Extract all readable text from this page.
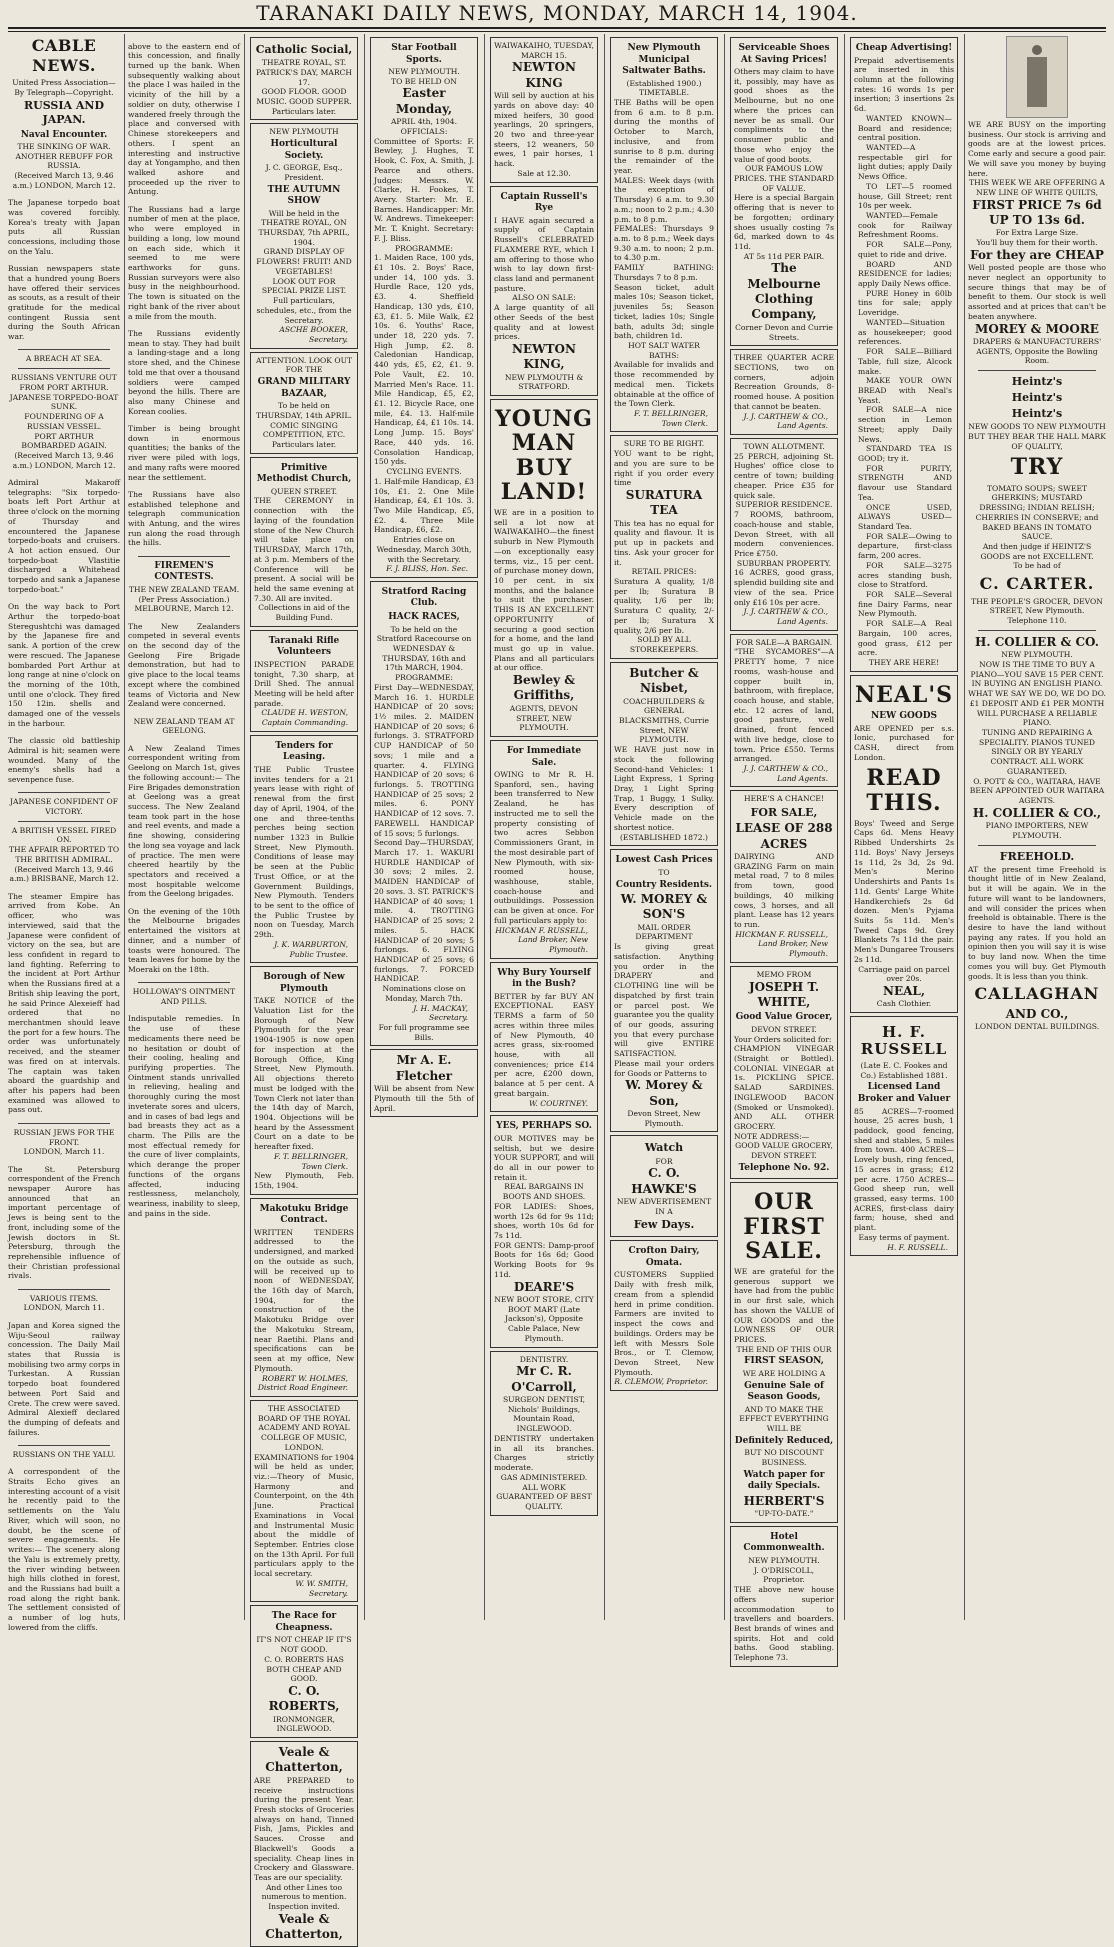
TARANAKI DAILY NEWS, MONDAY, MARCH 14, 1904.
CABLE NEWS.
United Press Association—By Telegraph—Copyright.
RUSSIA AND JAPAN.
Naval Encounter.
THE SINKING OF WAR. ANOTHER REBUFF FOR RUSSIA.
(Received March 13, 9.46 a.m.) LONDON, March 12.

The Japanese torpedo boat was covered forcibly. Korea's treaty with Japan puts all Russian concessions, including those on the Yalu.

Russian newspapers state that a hundred young Boers have offered their services as scouts, as a result of their gratitude for the medical contingent Russia sent during the South African war.

A BREACH AT SEA.
RUSSIANS VENTURE OUT FROM PORT ARTHUR.
JAPANESE TORPEDO-BOAT SUNK.
FOUNDERING OF A RUSSIAN VESSEL.
PORT ARTHUR BOMBARDED AGAIN.
(Received March 13, 9.46 a.m.) LONDON, March 12.

Admiral Makaroff telegraphs: "Six torpedo-boats left Port Arthur at three o'clock on the morning of Thursday and encountered the Japanese torpedo-boats and cruisers. A hot action ensued. Our torpedo-boat Vlastitie discharged a Whitehead torpedo and sank a Japanese torpedo-boat."

On the way back to Port Arthur the torpedo-boat Steregushtchi was damaged by the Japanese fire and sank. A portion of the crew were rescued. The Japanese bombarded Port Arthur at long range at nine o'clock on the morning of the 10th, until one o'clock. They fired 150 12in. shells and damaged one of the vessels in the harbour.

The classic old battleship Admiral is hit; seamen were wounded. Many of the enemy's shells had a sevenpence fuse.

JAPANESE CONFIDENT OF VICTORY.
A BRITISH VESSEL FIRED ON.
THE AFFAIR REPORTED TO THE BRITISH ADMIRAL.
(Received March 13, 9.46 a.m.) BRISBANE, March 12.

The steamer Empire has arrived from Kobe. An officer, who was interviewed, said that the Japanese were confident of victory on the sea, but are less confident in regard to land fighting. Referring to the incident at Port Arthur when the Russians fired at a British ship leaving the port, he said Prince Alexeieff had ordered that no merchantmen should leave the port for a few hours. The order was unfortunately received, and the steamer was fired on at intervals. The captain was taken aboard the guardship and after his papers had been examined was allowed to pass out.

RUSSIAN JEWS FOR THE FRONT.
LONDON, March 11.

The St. Petersburg correspondent of the French newspaper Aurore has announced that an important percentage of Jews is being sent to the front, including some of the Jewish doctors in St. Petersburg, through the reprehensible influence of their Christian professional rivals.

VARIOUS ITEMS.
LONDON, March 11.

Japan and Korea signed the Wiju-Seoul railway concession. The Daily Mail states that Russia is mobilising two army corps in Turkestan. A Russian torpedo boat foundered between Port Said and Crete. The crew were saved. Admiral Alexieff declared the dumping of defeats and failures.

RUSSIANS ON THE YALU.

A correspondent of the Straits Echo gives an interesting account of a visit he recently paid to the settlements on the Yalu River, which will soon, no doubt, be the scene of severe engagements. He writes:— The scenery along the Yalu is extremely pretty, the river winding between high hills clothed in forest, and the Russians had built a road along the right bank. The settlement consisted of a number of log huts, lowered from the cliffs.

above to the eastern end of this concession, and finally turned up the bank. When subsequently walking about the place I was hailed in the vicinity of the hill by a soldier on duty, otherwise I wandered freely through the place and conversed with Chinese storekeepers and others. I spent an interesting and instructive day at Yongampho, and then walked ashore and proceeded up the river to Antung.

The Russians had a large number of men at the place, who were employed in building a long, low mound on each side, which it seemed to me were earthworks for guns. Russian surveyors were also busy in the neighbourhood. The town is situated on the right bank of the river about a mile from the mouth.

The Russians evidently mean to stay. They had built a landing-stage and a long store shed, and the Chinese told me that over a thousand soldiers were camped beyond the hills. There are also many Chinese and Korean coolies.

Timber is being brought down in enormous quantities; the banks of the river were piled with logs, and many rafts were moored near the settlement.

The Russians have also established telephone and telegraph communication with Antung, and the wires run along the road through the hills.

FIREMEN'S CONTESTS.
THE NEW ZEALAND TEAM.
(Per Press Association.) MELBOURNE, March 12.

The New Zealanders competed in several events on the second day of the Geelong Fire Brigade demonstration, but had to give place to the local teams except where the combined teams of Victoria and New Zealand were concerned.

NEW ZEALAND TEAM AT GEELONG.

A New Zealand Times correspondent writing from Geelong on March 1st, gives the following account:— The Fire Brigades demonstration at Geelong was a great success. The New Zealand team took part in the hose and reel events, and made a fine showing, considering the long sea voyage and lack of practice. The men were cheered heartily by the spectators and received a most hospitable welcome from the Geelong brigades.

On the evening of the 10th the Melbourne brigades entertained the visitors at dinner, and a number of toasts were honoured. The team leaves for home by the Moeraki on the 18th.

HOLLOWAY'S OINTMENT AND PILLS.

Indisputable remedies. In the use of these medicaments there need be no hesitation or doubt of their cooling, healing and purifying properties. The Ointment stands unrivalled in relieving, healing and thoroughly curing the most inveterate sores and ulcers, and in cases of bad legs and bad breasts they act as a charm. The Pills are the most effectual remedy for the cure of liver complaints, which derange the proper functions of the organs affected, inducing restlessness, melancholy, weariness, inability to sleep, and pains in the side.

Catholic Social,
THEATRE ROYAL, ST. PATRICK'S DAY, MARCH 17.
GOOD FLOOR. GOOD MUSIC. GOOD SUPPER.
Particulars later.
NEW PLYMOUTH
Horticultural Society.
J. C. GEORGE, Esq., President.
THE AUTUMN SHOW
Will be held in the THEATRE ROYAL, ON THURSDAY, 7th APRIL, 1904.
GRAND DISPLAY OF FLOWERS! FRUIT! AND VEGETABLES!
LOOK OUT FOR SPECIAL PRIZE LIST.
Full particulars, schedules, etc., from the Secretary.
ASCHE BOOKER, Secretary.
ATTENTION. LOOK OUT FOR THE
GRAND MILITARY BAZAAR,
To be held on THURSDAY, 14th APRIL.
COMIC SINGING COMPETITION, ETC.
Particulars later.
Primitive Methodist Church,
QUEEN STREET.
THE CEREMONY in connection with the laying of the foundation stone of the New Church will take place on THURSDAY, March 17th, at 3 p.m. Members of the Conference will be present. A social will be held the same evening at 7.30. All are invited.
Collections in aid of the Building Fund.
Taranaki Rifle Volunteers
INSPECTION PARADE tonight, 7.30 sharp, at Drill Shed. The annual Meeting will be held after parade.
CLAUDE H. WESTON, Captain Commanding.
Tenders for Leasing.
THE Public Trustee invites tenders for a 21 years lease with right of renewal from the first day of April, 1904, of the one and three-tenths perches being section number 1323 in Bulkie Street, New Plymouth. Conditions of lease may be seen at the Public Trust Office, or at the Government Buildings, New Plymouth. Tenders to be sent to the office of the Public Trustee by noon on Tuesday, March 29th.
J. K. WARBURTON, Public Trustee.
Borough of New Plymouth
TAKE NOTICE of the Valuation List for the Borough of New Plymouth for the year 1904-1905 is now open for inspection at the Borough Office, King Street, New Plymouth. All objections thereto must be lodged with the Town Clerk not later than the 14th day of March, 1904. Objections will be heard by the Assessment Court on a date to be hereafter fixed.
F. T. BELLRINGER, Town Clerk.
New Plymouth, Feb. 15th, 1904.
Makotuku Bridge Contract.
WRITTEN TENDERS addressed to the undersigned, and marked on the outside as such, will be received up to noon of WEDNESDAY, the 16th day of March, 1904, for the construction of the Makotuku Bridge over the Makotuku Stream, near Raetihi. Plans and specifications can be seen at my office, New Plymouth.
ROBERT W. HOLMES, District Road Engineer.
THE ASSOCIATED BOARD OF THE ROYAL ACADEMY AND ROYAL COLLEGE OF MUSIC, LONDON.
EXAMINATIONS for 1904 will be held as under, viz.:—Theory of Music, Harmony and Counterpoint, on the 4th June. Practical Examinations in Vocal and Instrumental Music about the middle of September. Entries close on the 13th April. For full particulars apply to the local secretary.
W. W. SMITH, Secretary.
The Race for Cheapness.
IT'S NOT CHEAP IF IT'S NOT GOOD.
C. O. ROBERTS HAS BOTH CHEAP AND GOOD.
C. O. ROBERTS,
IRONMONGER, INGLEWOOD.
Veale & Chatterton,
ARE PREPARED to receive instructions during the present Year. Fresh stocks of Groceries always on hand, Tinned Fish, Jams, Pickles and Sauces. Crosse and Blackwell's Goods a speciality. Cheap lines in Crockery and Glassware. Teas are our speciality.
And other Lines too numerous to mention.
Inspection invited.
Veale & Chatterton,
Star Football Sports.
NEW PLYMOUTH.
TO BE HELD ON
Easter Monday,
APRIL 4th, 1904.
OFFICIALS:
Committee of Sports: F. Bewley, J. Hughes, T. Hook, C. Fox, A. Smith, J. Pearce and others. Judges: Messrs. W. Clarke, H. Fookes, T. Avery. Starter: Mr. E. Barnes. Handicapper: Mr. W. Andrews. Timekeeper: Mr. T. Knight. Secretary: F. J. Bliss.
PROGRAMME:
1. Maiden Race, 100 yds, £1 10s. 2. Boys' Race, under 14, 100 yds. 3. Hurdle Race, 120 yds, £3. 4. Sheffield Handicap, 130 yds, £10, £3, £1. 5. Mile Walk, £2 10s. 6. Youths' Race, under 18, 220 yds. 7. High Jump, £2. 8. Caledonian Handicap, 440 yds, £5, £2, £1. 9. Pole Vault, £2. 10. Married Men's Race. 11. Mile Handicap, £5, £2, £1. 12. Bicycle Race, one mile, £4. 13. Half-mile Handicap, £4, £1 10s. 14. Long Jump. 15. Boys' Race, 440 yds. 16. Consolation Handicap, 150 yds.
CYCLING EVENTS.
1. Half-mile Handicap, £3 10s, £1. 2. One Mile Handicap, £4, £1 10s. 3. Two Mile Handicap, £5, £2. 4. Three Mile Handicap, £6, £2.
Entries close on Wednesday, March 30th, with the Secretary.
F. J. BLISS, Hon. Sec.
Stratford Racing Club.
HACK RACES,
To be held on the Stratford Racecourse on
WEDNESDAY & THURSDAY, 16th and 17th MARCH, 1904.
PROGRAMME:
First Day—WEDNESDAY, March 16. 1. HURDLE HANDICAP of 20 sovs; 1½ miles. 2. MAIDEN HANDICAP of 20 sovs; 6 furlongs. 3. STRATFORD CUP HANDICAP of 50 sovs; 1 mile and a quarter. 4. FLYING HANDICAP of 20 sovs; 6 furlongs. 5. TROTTING HANDICAP of 25 sovs; 2 miles. 6. PONY HANDICAP of 12 sovs. 7. FAREWELL HANDICAP of 15 sovs; 5 furlongs.
Second Day—THURSDAY, March 17. 1. WAKURI HURDLE HANDICAP of 30 sovs; 2 miles. 2. MAIDEN HANDICAP of 20 sovs. 3. ST. PATRICK'S HANDICAP of 40 sovs; 1 mile. 4. TROTTING HANDICAP of 25 sovs; 2 miles. 5. HACK HANDICAP of 20 sovs; 5 furlongs. 6. FLYING HANDICAP of 25 sovs; 6 furlongs. 7. FORCED HANDICAP.
Nominations close on Monday, March 7th.
J. H. MACKAY, Secretary.
For full programme see Bills.
Mr A. E. Fletcher
Will be absent from New Plymouth till the 5th of April.
WAIWAKAIHO, TUESDAY, MARCH 15.
NEWTON KING
Will sell by auction at his yards on above day: 40 mixed heifers, 30 good yearlings, 20 springers, 20 two and three-year steers, 12 weaners, 50 ewes, 1 pair horses, 1 hack.
Sale at 12.30.
Captain Russell's Rye
I HAVE again secured a supply of Captain Russell's CELEBRATED FLAXMERE RYE, which I am offering to those who wish to lay down first-class land and permanent pasture.
ALSO ON SALE:
A large quantity of all other Seeds of the best quality and at lowest prices.
NEWTON KING,
NEW PLYMOUTH & STRATFORD.
YOUNG MAN BUY LAND!
WE are in a position to sell a lot now at WAIWAKAIHO—the finest suburb in New Plymouth—on exceptionally easy terms, viz., 15 per cent. of purchase money down, 10 per cent. in six months, and the balance to suit the purchaser. THIS IS AN EXCELLENT OPPORTUNITY of securing a good section for a home, and the land must go up in value. Plans and all particulars at our office.
Bewley & Griffiths,
AGENTS, DEVON STREET, NEW PLYMOUTH.
For Immediate Sale.
OWING to Mr R. H. Spanford, sen., having been transferred to New Zealand, he has instructed me to sell the property consisting of two acres Sebbon Commissioners Grant, in the most desirable part of New Plymouth, with six-roomed house, washhouse, stable, coach-house and outbuildings. Possession can be given at once. For full particulars apply to:
HICKMAN F. RUSSELL, Land Broker, New Plymouth.
Why Bury Yourself in the Bush?
BETTER by far BUY AN EXCEPTIONAL EASY TERMS a farm of 50 acres within three miles of New Plymouth, 40 acres grass, six-roomed house, with all conveniences; price £14 per acre, £200 down, balance at 5 per cent. A great bargain.
W. COURTNEY.
YES, PERHAPS SO.
OUR MOTIVES may be seltish, but we desire YOUR SUPPORT, and will do all in our power to retain it.
REAL BARGAINS IN BOOTS AND SHOES.
FOR LADIES: Shoes, worth 12s 6d for 9s 11d; shoes, worth 10s 6d for 7s 11d.
FOR GENTS: Damp-proof Boots for 16s 6d; Good Working Boots for 9s 11d.
DEARE'S
NEW BOOT STORE, CITY BOOT MART (Late Jackson's), Opposite Cable Palace, New Plymouth.
DENTISTRY.
Mr C. R. O'Carroll,
SURGEON DENTIST, Nichols' Buildings, Mountain Road, INGLEWOOD.
DENTISTRY undertaken in all its branches. Charges strictly moderate.
GAS ADMINISTERED.
ALL WORK GUARANTEED OF BEST QUALITY.
New Plymouth Municipal Saltwater Baths.
(Established 1900.)
TIMETABLE.
THE Baths will be open from 6 a.m. to 8 p.m. during the months of October to March, inclusive, and from sunrise to 8 p.m. during the remainder of the year.
MALES: Week days (with the exception of Thursday) 6 a.m. to 9.30 a.m.; noon to 2 p.m.; 4.30 p.m. to 8 p.m.
FEMALES: Thursdays 9 a.m. to 8 p.m.; Week days 9.30 a.m. to noon; 2 p.m. to 4.30 p.m.
FAMILY BATHING: Thursdays 7 to 8 p.m.
Season ticket, adult males 10s; Season ticket, juveniles 5s; Season ticket, ladies 10s; Single bath, adults 3d; single bath, children 1d.
HOT SALT WATER BATHS:
Available for invalids and those recommended by medical men. Tickets obtainable at the office of the Town Clerk.
F. T. BELLRINGER, Town Clerk.
SURE TO BE RIGHT.
YOU want to be right, and you are sure to be right if you order every time
SURATURA TEA
This tea has no equal for quality and flavour. It is put up in packets and tins. Ask your grocer for it.
RETAIL PRICES:
Suratura A quality, 1/8 per lb; Suratura B quality, 1/6 per lb; Suratura C quality, 2/- per lb; Suratura X quality, 2/6 per lb.
SOLD BY ALL STOREKEEPERS.
Butcher & Nisbet,
COACHBUILDERS & GENERAL BLACKSMITHS, Currie Street, NEW PLYMOUTH.
WE HAVE just now in stock the following Second-hand Vehicles: 1 Light Express, 1 Spring Dray, 1 Light Spring Trap, 1 Buggy, 1 Sulky. Every description of Vehicle made on the shortest notice.
(ESTABLISHED 1872.)
Lowest Cash Prices
TO
Country Residents.
W. MOREY & SON'S
MAIL ORDER DEPARTMENT
Is giving great satisfaction. Anything you order in the DRAPERY and CLOTHING line will be dispatched by first train or parcel post. We guarantee you the quality of our goods, assuring you that every purchase will give ENTIRE SATISFACTION.
Please mail your orders for Goods or Patterns to
W. Morey & Son,
Devon Street, New Plymouth.
Watch
FOR
C. O. HAWKE'S
NEW ADVERTISEMENT
IN A
Few Days.
Crofton Dairy, Omata.
CUSTOMERS Supplied Daily with fresh milk, cream from a splendid herd in prime condition. Farmers are invited to inspect the cows and buildings. Orders may be left with Messrs Sole Bros., or T. Clemow, Devon Street, New Plymouth.
R. CLEMOW, Proprietor.
Serviceable Shoes At Saving Prices!
Others may claim to have it, possibly, may have as good shoes as the Melbourne, but no one where the prices can never be as small. Our compliments to the consumer public and those who enjoy the value of good boots.
OUR FAMOUS LOW PRICES. THE STANDARD OF VALUE.
Here is a special Bargain offering that is never to be forgotten; ordinary shoes usually costing 7s 6d, marked down to 4s 11d.
AT 5s 11d PER PAIR.
The Melbourne Clothing Company,
Corner Devon and Currie Streets.
THREE QUARTER ACRE SECTIONS, two on corners, adjoin Recreation Grounds, 8-roomed house. A position that cannot be beaten.
J. J. CARTHEW & CO., Land Agents.
TOWN ALLOTMENT.
25 PERCH, adjoining St. Hughes' office close to centre of town; building cheaper. Price £35 for quick sale.
SUPERIOR RESIDENCE.
7 ROOMS, bathroom, coach-house and stable, Devon Street, with all modern conveniences. Price £750.
SUBURBAN PROPERTY.
16 ACRES, good grass, splendid building site and view of the sea. Price only £16 10s per acre.
J. J. CARTHEW & CO., Land Agents.
FOR SALE—A BARGAIN.
"THE SYCAMORES"—A PRETTY home, 7 nice rooms, wash-house and copper built in, bathroom, with fireplace, coach house, and stable, etc. 12 acres of land, good pasture, well drained, front fenced with live hedge, close to town. Price £550. Terms arranged.
J. J. CARTHEW & CO., Land Agents.
HERE'S A CHANCE!
FOR SALE,
LEASE OF 288 ACRES
DAIRYING AND GRAZING Farm on main metal road, 7 to 8 miles from town, good buildings, 40 milking cows, 3 horses, and all plant. Lease has 12 years to run.
HICKMAN F. RUSSELL, Land Broker, New Plymouth.
MEMO FROM
JOSEPH T. WHITE,
Good Value Grocer,
DEVON STREET.
Your Orders solicited for:
CHAMPION VINEGAR (Straight or Bottled). COLONIAL VINEGAR at 1s. PICKLING SPICE. SALAD SARDINES. INGLEWOOD BACON (Smoked or Unsmoked). AND ALL OTHER GROCERY.
NOTE ADDRESS:—
GOOD VALUE GROCERY, DEVON STREET.
Telephone No. 92.
OUR FIRST SALE.
WE are grateful for the generous support we have had from the public in our first sale, which has shown the VALUE of OUR GOODS and the LOWNESS OF OUR PRICES.
THE END OF THIS OUR
FIRST SEASON,
WE ARE HOLDING A
Genuine Sale of Season Goods,
AND TO MAKE THE EFFECT EVERYTHING WILL BE
Definitely Reduced,
BUT NO DISCOUNT BUSINESS.
Watch paper for daily Specials.
HERBERT'S
"UP-TO-DATE."
Hotel Commonwealth.
NEW PLYMOUTH.
J. O'DRISCOLL, Proprietor.
THE above new house offers superior accommodation to travellers and boarders. Best brands of wines and spirits. Hot and cold baths. Good stabling. Telephone 73.
Cheap Advertising!
Prepaid advertisements are inserted in this column at the following rates: 16 words 1s per insertion; 3 insertions 2s 6d.
WANTED KNOWN—Board and residence; central position.
WANTED—A respectable girl for light duties; apply Daily News Office.
TO LET—5 roomed house, Gill Street; rent 10s per week.
WANTED—Female cook for Railway Refreshment Rooms.
FOR SALE—Pony, quiet to ride and drive.
BOARD AND RESIDENCE for ladies; apply Daily News office.
PURE Honey in 60lb tins for sale; apply Loveridge.
WANTED—Situation as housekeeper; good references.
FOR SALE—Billiard Table, full size, Alcock make.
MAKE YOUR OWN BREAD with Neal's Yeast.
FOR SALE—A nice section in Lemon Street; apply Daily News.
STANDARD TEA IS GOOD; try it.
FOR PURITY, STRENGTH AND flavour use Standard Tea.
ONCE USED, ALWAYS USED—Standard Tea.
FOR SALE—Owing to departure, first-class farm, 200 acres.
FOR SALE—3275 acres standing bush, close to Stratford.
FOR SALE—Several fine Dairy Farms, near New Plymouth.
FOR SALE—A Real Bargain, 100 acres, good grass, £12 per acre.
THEY ARE HERE!
NEAL'S
NEW GOODS
ARE OPENED per s.s. Ionic, purchased for CASH, direct from London.
READ THIS.
Boys' Tweed and Serge Caps 6d. Mens Heavy Ribbed Undershirts 2s 11d. Boys' Navy Jerseys 1s 11d, 2s 3d, 2s 9d. Men's Merino Undershirts and Pants 1s 11d. Gents' Large White Handkerchiefs 2s 6d dozen. Men's Pyjama Suits 5s 11d. Men's Tweed Caps 9d. Grey Blankets 7s 11d the pair. Men's Dungaree Trousers 2s 11d.
Carriage paid on parcel over 20s.
NEAL,
Cash Clothier.
H. F. RUSSELL
(Late E. C. Fookes and Co.) Established 1881.
Licensed Land Broker and Valuer
85 ACRES—7-roomed house, 25 acres bush, 1 paddock, good fencing, shed and stables, 5 miles from town. 400 ACRES—Lovely bush, ring fenced, 15 acres in grass; £12 per acre. 1750 ACRES—Good sheep run, well grassed, easy terms. 100 ACRES, first-class dairy farm; house, shed and plant.
Easy terms of payment.
H. F. RUSSELL.
WE ARE BUSY on the importing business. Our stock is arriving and goods are at the lowest prices. Come early and secure a good pair. We will save you money by buying here.
THIS WEEK WE ARE OFFERING A NEW LINE OF WHITE QUILTS,
FIRST PRICE 7s 6d
UP TO 13s 6d.
For Extra Large Size.
You'll buy them for their worth.
For they are CHEAP
Well posted people are those who never neglect an opportunity to secure things that may be of benefit to them. Our stock is well assorted and at prices that can't be beaten anywhere.
MOREY & MOORE
DRAPERS & MANUFACTURERS' AGENTS, Opposite the Bowling Room.
Heintz's
Heintz's
Heintz's
NEW GOODS TO NEW PLYMOUTH BUT THEY BEAR THE HALL MARK OF QUALITY,
TRY
TOMATO SOUPS; SWEET GHERKINS; MUSTARD DRESSING; INDIAN RELISH; CHERRIES IN CONSERVE; and BAKED BEANS IN TOMATO SAUCE.
And then judge if HEINTZ'S GOODS are not EXCELLENT.
To be had of
C. CARTER.
THE PEOPLE'S GROCER, DEVON STREET, New Plymouth.
Telephone 110.
H. COLLIER & CO.
NEW PLYMOUTH.
NOW IS THE TIME TO BUY A PIANO—YOU SAVE 15 PER CENT. IN BUYING AN ENGLISH PIANO.
WHAT WE SAY WE DO, WE DO DO. £1 DEPOSIT AND £1 PER MONTH WILL PURCHASE A RELIABLE PIANO.
TUNING AND REPAIRING A SPECIALITY. PIANOS TUNED SINGLY OR BY YEARLY CONTRACT. ALL WORK GUARANTEED.
O. POTT & CO., WAITARA, HAVE BEEN APPOINTED OUR WAITARA AGENTS.
H. COLLIER & CO.,
PIANO IMPORTERS, NEW PLYMOUTH.
FREEHOLD.
AT the present time Freehold is thought little of in New Zealand, but it will be again. We in the future will want to be landowners, and will consider the prices when freehold is obtainable. There is the desire to have the land without paying any rates. If you hold an opinion then you will say it is wise to buy land now. When the time comes you will buy. Get Plymouth goods. It is less than you think.
CALLAGHAN
AND CO.,
LONDON DENTAL BUILDINGS.
